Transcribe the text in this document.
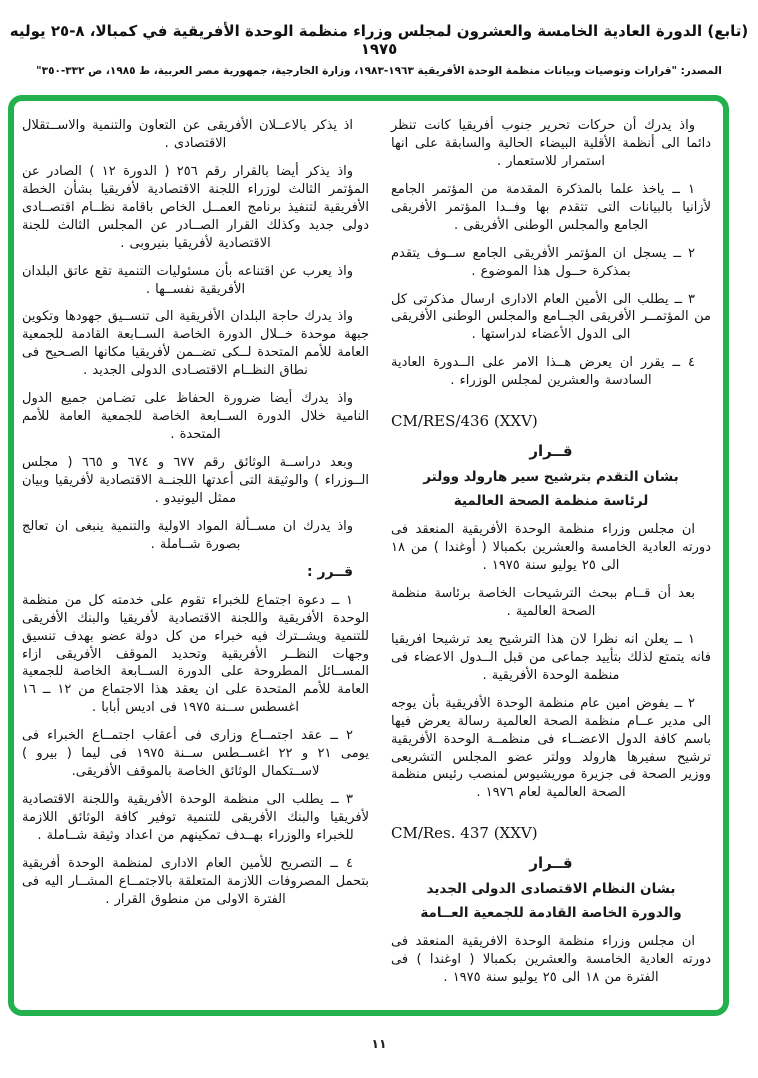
(تابع) الدورة العادية الخامسة والعشرون لمجلس وزراء منظمة الوحدة الأفريقية في كمبالا، ٨-٢٥ يوليه ١٩٧٥
المصدر: "قرارات وتوصيات وبيانات منظمة الوحدة الأفريقية ١٩٦٣-١٩٨٣، وزارة الخارجية، جمهورية مصر العربية، ط ١٩٨٥، ص ٣٣٢-٣٥٠"

واذ يدرك أن حركات تحرير جنوب أفريقيا كانت تنظر دائما الى أنظمة الأقلية البيضاء الحالية والسابقة على انها استمرار للاستعمار .

١ ــ ياخذ علما بالمذكرة المقدمة من المؤتمر الجامع لأزانيا بالبيانات التى تتقدم بها وفــدا المؤتمر الأفريقى الجامع والمجلس الوطنى الأفريقى .

٢ ــ يسجل ان المؤتمر الأفريقى الجامع ســوف يتقدم بمذكرة حــول هذا الموضوع .

٣ ــ يطلب الى الأمين العام الادارى ارسال مذكرتى كل من المؤتمــر الأفريقى الجــامع والمجلس الوطنى الأفريقى الى الدول الأعضاء لدراستها .

٤ ــ يقرر ان يعرض هــذا الامر على الــدورة العادية السادسة والعشرين لمجلس الوزراء .

CM/RES/436 (XXV)
قــرار
بشان التقدم بترشيح سير هارولد وولتر
لرئاسة منظمة الصحة العالمية

ان مجلس وزراء منظمة الوحدة الأفريقية المنعقد فى دورته العادية الخامسة والعشرين بكمبالا ( أوغندا ) من ١٨ الى ٢٥ يوليو سنة ١٩٧٥ .

بعد أن قــام ببحث الترشيحات الخاصة برئاسة منظمة الصحة العالمية .

١ ــ يعلن انه نظرا لان هذا الترشيح يعد ترشيحا افريقيا فانه يتمتع لذلك بتأييد جماعى من قبل الــدول الاعضاء فى منظمة الوحدة الأفريقية .

٢ ــ يفوض امين عام منظمة الوحدة الأفريقية بأن يوجه الى مدير عــام منظمة الصحة العالمية رسالة يعرض فيها باسم كافة الدول الاعضــاء فى منظمــة الوحدة الأفريقية ترشيح سفيرها هارولد وولتر عضو المجلس التشريعى ووزير الصحة فى جزيرة موريشيوس لمنصب رئيس منظمة الصحة العالمية لعام ١٩٧٦ .

CM/Res. 437 (XXV)
قــرار
بشان النظام الاقتصادى الدولى الجديد
والدورة الخاصة القادمة للجمعية العــامة

ان مجلس وزراء منظمة الوحدة الافريقية المنعقد فى دورته العادية الخامسة والعشرين بكمبالا ( اوغندا ) فى الفترة من ١٨ الى ٢٥ يوليو سنة ١٩٧٥ .

اذ يذكر بالاعــلان الأفريقى عن التعاون والتنمية والاســتقلال الاقتصادى .

واذ يذكر أيضا بالقرار رقم ٢٥٦ ( الدورة ١٢ ) الصادر عن المؤتمر الثالث لوزراء اللجنة الاقتصادية لأفريقيا بشأن الخطة الأفريقية لتنفيذ برنامج العمــل الخاص باقامة نظــام اقتصــادى دولى جديد وكذلك القرار الصــادر عن المجلس الثالث للجنة الاقتصادية لأفريقيا بنيروبى .

واذ يعرب عن اقتناعه بأن مسئوليات التنمية تقع عاتق البلدان الأفريقية نفســها .

واذ يدرك حاجة البلدان الأفريقية الى تنســيق جهودها وتكوين جبهة موحدة خــلال الدورة الخاصة الســابعة القادمة للجمعية العامة للأمم المتحدة لــكى تضــمن لأفريقيا مكانها الصـحيح فى نطاق النظــام الاقتصـادى الدولى الجديد .

واذ يدرك أيضا ضرورة الحفاظ على تضـامن جميع الدول النامية خلال الدورة الســابعة الخاصة للجمعية العامة للأمم المتحدة .

وبعد دراســة الوثائق رقم ٦٧٧ و ٦٧٤ و ٦٦٥ ( مجلس الــوزراء ) والوثيقة التى أعدتها اللجنــة الاقتصادية لأفريقيا وبيان ممثل اليونيدو .

واذ يدرك ان مســألة المواد الاولية والتنمية ينبغى ان تعالج بصورة شــاملة .

قــرر :

١ ــ دعوة اجتماع للخبراء تقوم على خدمته كل من منظمة الوحدة الأفريقية واللجنة الاقتصادية لأفريقيا والبنك الأفريقى للتنمية ويشــترك فيه خبراء من كل دولة عضو بهدف تنسيق وجهات النظــر الأفريقية وتحديد الموقف الأفريقى ازاء المســائل المطروحة على الدورة الســابعة الخاصة للجمعية العامة للأمم المتحدة على ان يعقد هذا الاجتماع من ١٢ ــ ١٦ اغسطس ســنة ١٩٧٥ فى اديس أبابا .

٢ ــ عقد اجتمــاع وزارى فى أعقاب اجتمــاع الخبراء فى يومى ٢١ و ٢٢ اغســطس ســنة ١٩٧٥ فى ليما ( بيرو ) لاســتكمال الوثائق الخاصة بالموقف الأفريقى.

٣ ــ يطلب الى منظمة الوحدة الأفريقية واللجنة الاقتصادية لأفريقيا والبنك الأفريقى للتنمية توفير كافة الوثائق اللازمة للخبراء والوزراء بهــدف تمكينهم من اعداد وثيقة شــاملة .

٤ ــ التصريح للأمين العام الادارى لمنظمة الوحدة أفريقية بتحمل المصروفات اللازمة المتعلقة بالاجتمــاع المشــار اليه فى الفترة الاولى من منطوق القرار .

١١
